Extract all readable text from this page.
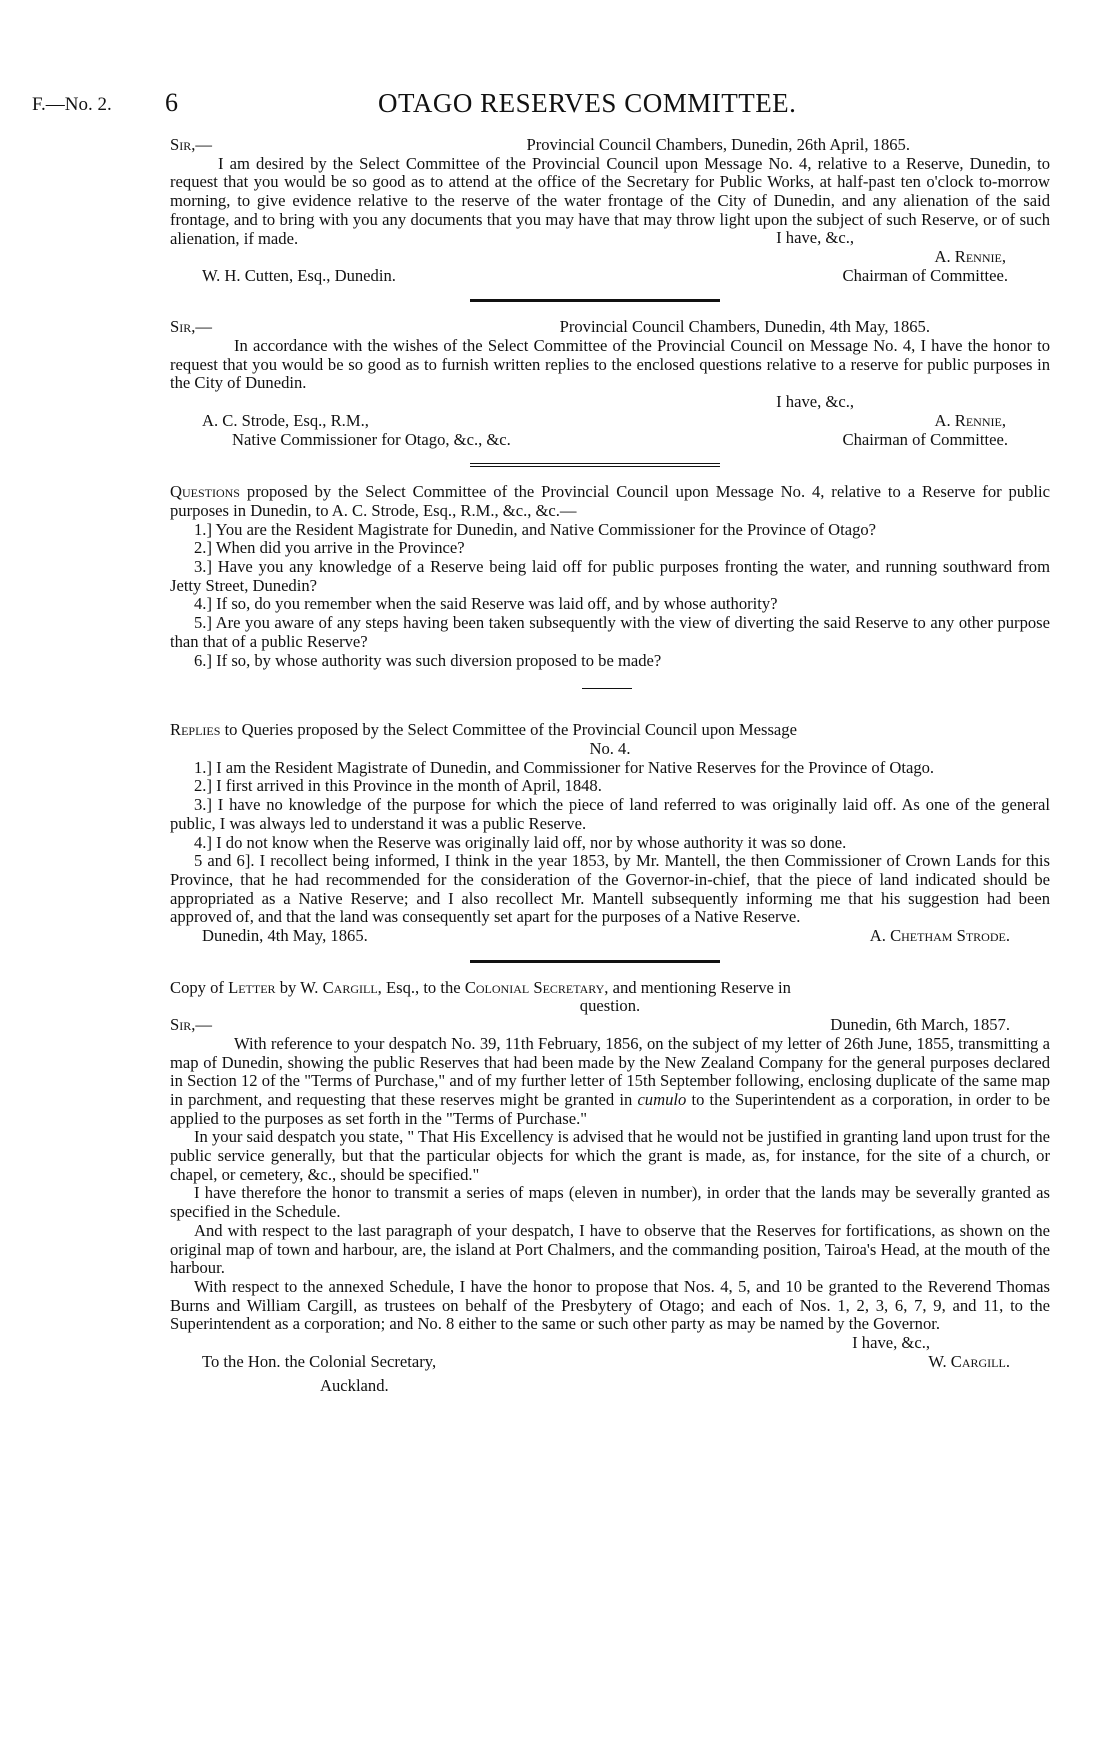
F.—No. 2. 6	OTAGO RESERVES COMMITTEE.
Sir,—	Provincial Council Chambers, Dunedin, 26th April, 1865.

I am desired by the Select Committee of the Provincial Council upon Message No. 4, relative to a Reserve, Dunedin, to request that you would be so good as to attend at the office of the Secretary for Public Works, at half-past ten o'clock to-morrow morning, to give evidence relative to the reserve of the water frontage of the City of Dunedin, and any alienation of the said frontage, and to bring with you any documents that you may have that may throw light upon the subject of such Reserve, or of such alienation, if made.	I have, &c.,
A. Rennie,
W. H. Cutten, Esq., Dunedin.	Chairman of Committee.
Sir,—	Provincial Council Chambers, Dunedin, 4th May, 1865.

In accordance with the wishes of the Select Committee of the Provincial Council on Message No. 4, I have the honor to request that you would be so good as to furnish written replies to the enclosed questions relative to a reserve for public purposes in the City of Dunedin.

I have, &c.,
A. C. Strode, Esq., R.M.,	A. Rennie,
Native Commissioner for Otago, &c., &c.	Chairman of Committee.

Questions proposed by the Select Committee of the Provincial Council upon Message No. 4, relative to a Reserve for public purposes in Dunedin, to A. C. Strode, Esq., R.M., &c., &c.—

1.] You are the Resident Magistrate for Dunedin, and Native Commissioner for the Province of Otago?

2.] When did you arrive in the Province?

3.] Have you any knowledge of a Reserve being laid off for public purposes fronting the water, and running southward from Jetty Street, Dunedin?

4.] If so, do you remember when the said Reserve was laid off, and by whose authority?

5.] Are you aware of any steps having been taken subsequently with the view of diverting the said Reserve to any other purpose than that of a public Reserve?

6.] If so, by whose authority was such diversion proposed to be made?

Replies to Queries proposed by the Select Committee of the Provincial Council upon Message

No. 4.

1.] I am the Resident Magistrate of Dunedin, and Commissioner for Native Reserves for the Province of Otago.

2.] I first arrived in this Province in the month of April, 1848.

3.] I have no knowledge of the purpose for which the piece of land referred to was originally laid off. As one of the general public, I was always led to understand it was a public Reserve.

4.] I do not know when the Reserve was originally laid off, nor by whose authority it was so done.

5 and 6]. I recollect being informed, I think in the year 1853, by Mr. Mantell, the then Commissioner of Crown Lands for this Province, that he had recommended for the consideration of the Governor-in-chief, that the piece of land indicated should be appropriated as a Native Reserve; and I also recollect Mr. Mantell subsequently informing me that his suggestion had been approved of, and that the land was consequently set apart for the purposes of a Native Reserve.

Dunedin, 4th May, 1865.	A. Chetham Strode.

Copy of Letter by W. Cargill, Esq., to the Colonial Secretary, and mentioning Reserve in

question.
Sir,—	Dunedin, 6th March, 1857.

With reference to your despatch No. 39, 11th February, 1856, on the subject of my letter of 26th June, 1855, transmitting a map of Dunedin, showing the public Reserves that had been made by the New Zealand Company for the general purposes declared in Section 12 of the "Terms of Purchase," and of my further letter of 15th September following, enclosing duplicate of the same map in parchment, and requesting that these reserves might be granted in cumulo to the Superintendent as a corporation, in order to be applied to the purposes as set forth in the "Terms of Purchase."

In your said despatch you state, " That His Excellency is advised that he would not be justified in granting land upon trust for the public service generally, but that the particular objects for which the grant is made, as, for instance, for the site of a church, or chapel, or cemetery, &c., should be specified."

I have therefore the honor to transmit a series of maps (eleven in number), in order that the lands may be severally granted as specified in the Schedule.

And with respect to the last paragraph of your despatch, I have to observe that the Reserves for fortifications, as shown on the original map of town and harbour, are, the island at Port Chalmers, and the commanding position, Tairoa's Head, at the mouth of the harbour.

With respect to the annexed Schedule, I have the honor to propose that Nos. 4, 5, and 10 be granted to the Reverend Thomas Burns and William Cargill, as trustees on behalf of the Presbytery of Otago; and each of Nos. 1, 2, 3, 6, 7, 9, and 11, to the Superintendent as a corporation; and No. 8 either to the same or such other party as may be named by the Governor.

I have, &c.,
To the Hon. the Colonial Secretary,	W. Cargill.
Auckland.
